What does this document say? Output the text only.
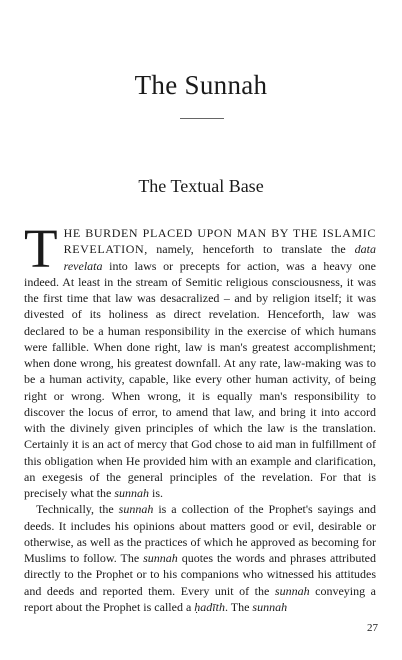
The Sunnah
The Textual Base

THE BURDEN PLACED UPON MAN BY THE ISLAMIC REVELATION, namely, henceforth to translate the data revelata into laws or precepts for action, was a heavy one indeed. At least in the stream of Semitic religious consciousness, it was the first time that law was desacralized – and by religion itself; it was divested of its holiness as direct revelation. Henceforth, law was declared to be a human responsibility in the exercise of which humans were fallible. When done right, law is man's greatest accomplishment; when done wrong, his greatest downfall. At any rate, law-making was to be a human activity, capable, like every other human activity, of being right or wrong. When wrong, it is equally man's responsibility to discover the locus of error, to amend that law, and bring it into accord with the divinely given principles of which the law is the translation. Certainly it is an act of mercy that God chose to aid man in fulfillment of this obligation when He provided him with an example and clarification, an exegesis of the general principles of the revelation. For that is precisely what the sunnah is.

Technically, the sunnah is a collection of the Prophet's sayings and deeds. It includes his opinions about matters good or evil, desirable or otherwise, as well as the practices of which he approved as becoming for Muslims to follow. The sunnah quotes the words and phrases attributed directly to the Prophet or to his companions who witnessed his attitudes and deeds and reported them. Every unit of the sunnah conveying a report about the Prophet is called a ḥadīth. The sunnah

27
